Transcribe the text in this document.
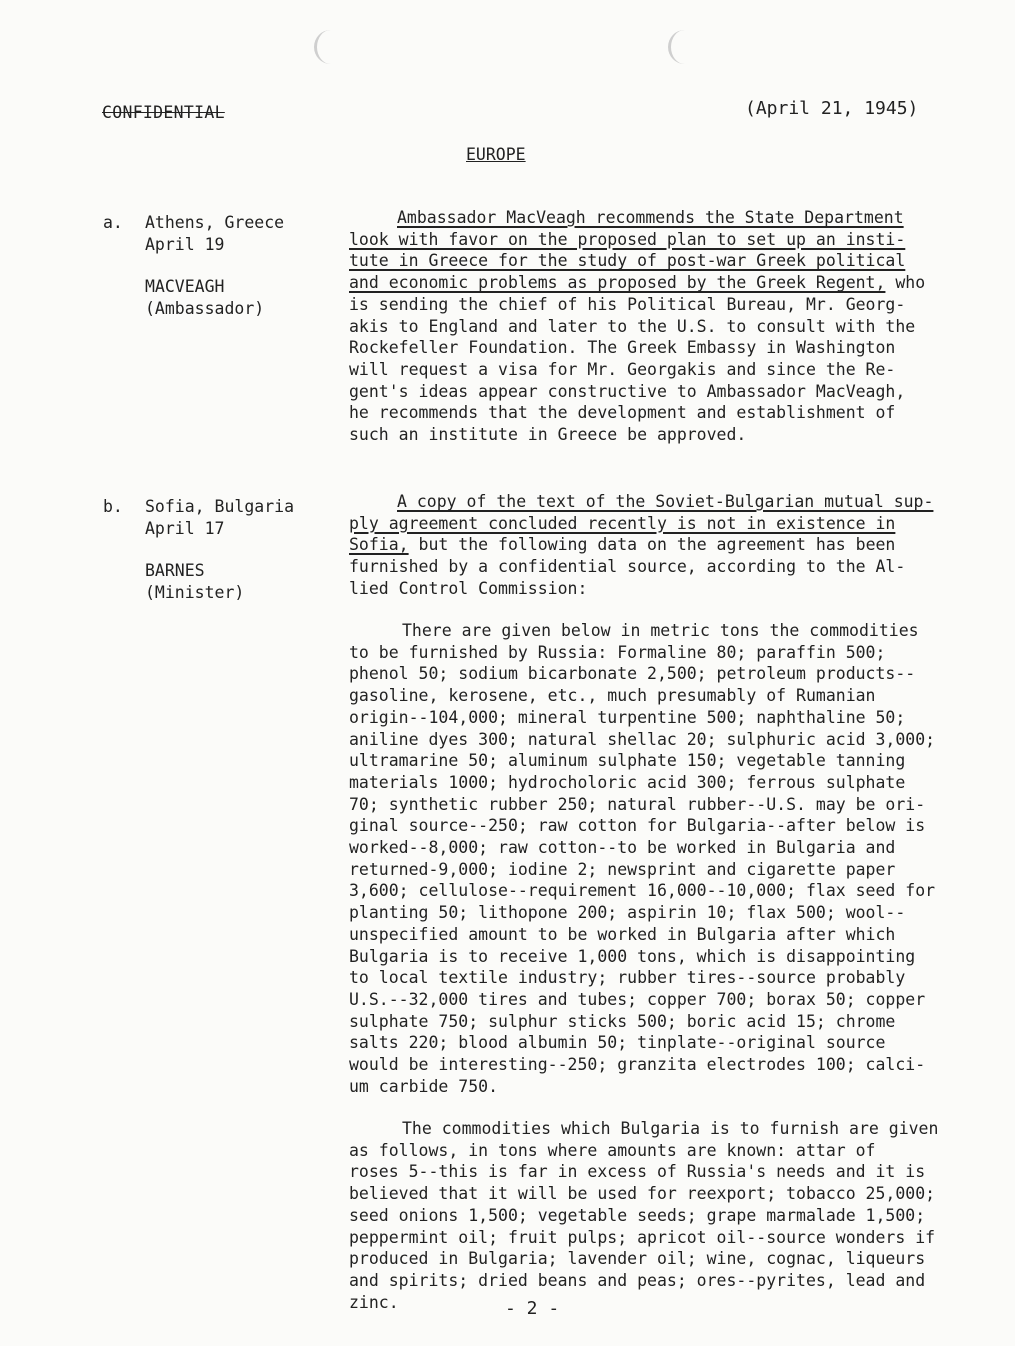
CONFIDENTIAL	(April 21, 1945)
EUROPE
a. Athens, Greece
April 19
MACVEAGH
(Ambassador)

Ambassador MacVeagh recommends the State Department

look with favor on the proposed plan to set up an insti-

tute in Greece for the study of post-war Greek political

and economic problems as proposed by the Greek Regent, who

is sending the chief of his Political Bureau, Mr. Georg-

akis to England and later to the U.S. to consult with the

Rockefeller Foundation. The Greek Embassy in Washington

will request a visa for Mr. Georgakis and since the Re-

gent's ideas appear constructive to Ambassador MacVeagh,

he recommends that the development and establishment of

such an institute in Greece be approved.

b. Sofia, Bulgaria
April 17
BARNES
(Minister)

A copy of the text of the Soviet-Bulgarian mutual sup-

ply agreement concluded recently is not in existence in

Sofia, but the following data on the agreement has been

furnished by a confidential source, according to the Al-

lied Control Commission:

There are given below in metric tons the commodities

to be furnished by Russia: Formaline 80; paraffin 500;

phenol 50; sodium bicarbonate 2,500; petroleum products--

gasoline, kerosene, etc., much presumably of Rumanian

origin--104,000; mineral turpentine 500; naphthaline 50;

aniline dyes 300; natural shellac 20; sulphuric acid 3,000;

ultramarine 50; aluminum sulphate 150; vegetable tanning

materials 1000; hydrocholoric acid 300; ferrous sulphate

70; synthetic rubber 250; natural rubber--U.S. may be ori-

ginal source--250; raw cotton for Bulgaria--after below is

worked--8,000; raw cotton--to be worked in Bulgaria and

returned-9,000; iodine 2; newsprint and cigarette paper

3,600; cellulose--requirement 16,000--10,000; flax seed for

planting 50; lithopone 200; aspirin 10; flax 500; wool--

unspecified amount to be worked in Bulgaria after which

Bulgaria is to receive 1,000 tons, which is disappointing

to local textile industry; rubber tires--source probably

U.S.--32,000 tires and tubes; copper 700; borax 50; copper

sulphate 750; sulphur sticks 500; boric acid 15; chrome

salts 220; blood albumin 50; tinplate--original source

would be interesting--250; granzita electrodes 100; calci-

um carbide 750.

The commodities which Bulgaria is to furnish are given

as follows, in tons where amounts are known: attar of

roses 5--this is far in excess of Russia's needs and it is

believed that it will be used for reexport; tobacco 25,000;

seed onions 1,500; vegetable seeds; grape marmalade 1,500;

peppermint oil; fruit pulps; apricot oil--source wonders if

produced in Bulgaria; lavender oil; wine, cognac, liqueurs

and spirits; dried beans and peas; ores--pyrites, lead and

zinc.	- 2 -
